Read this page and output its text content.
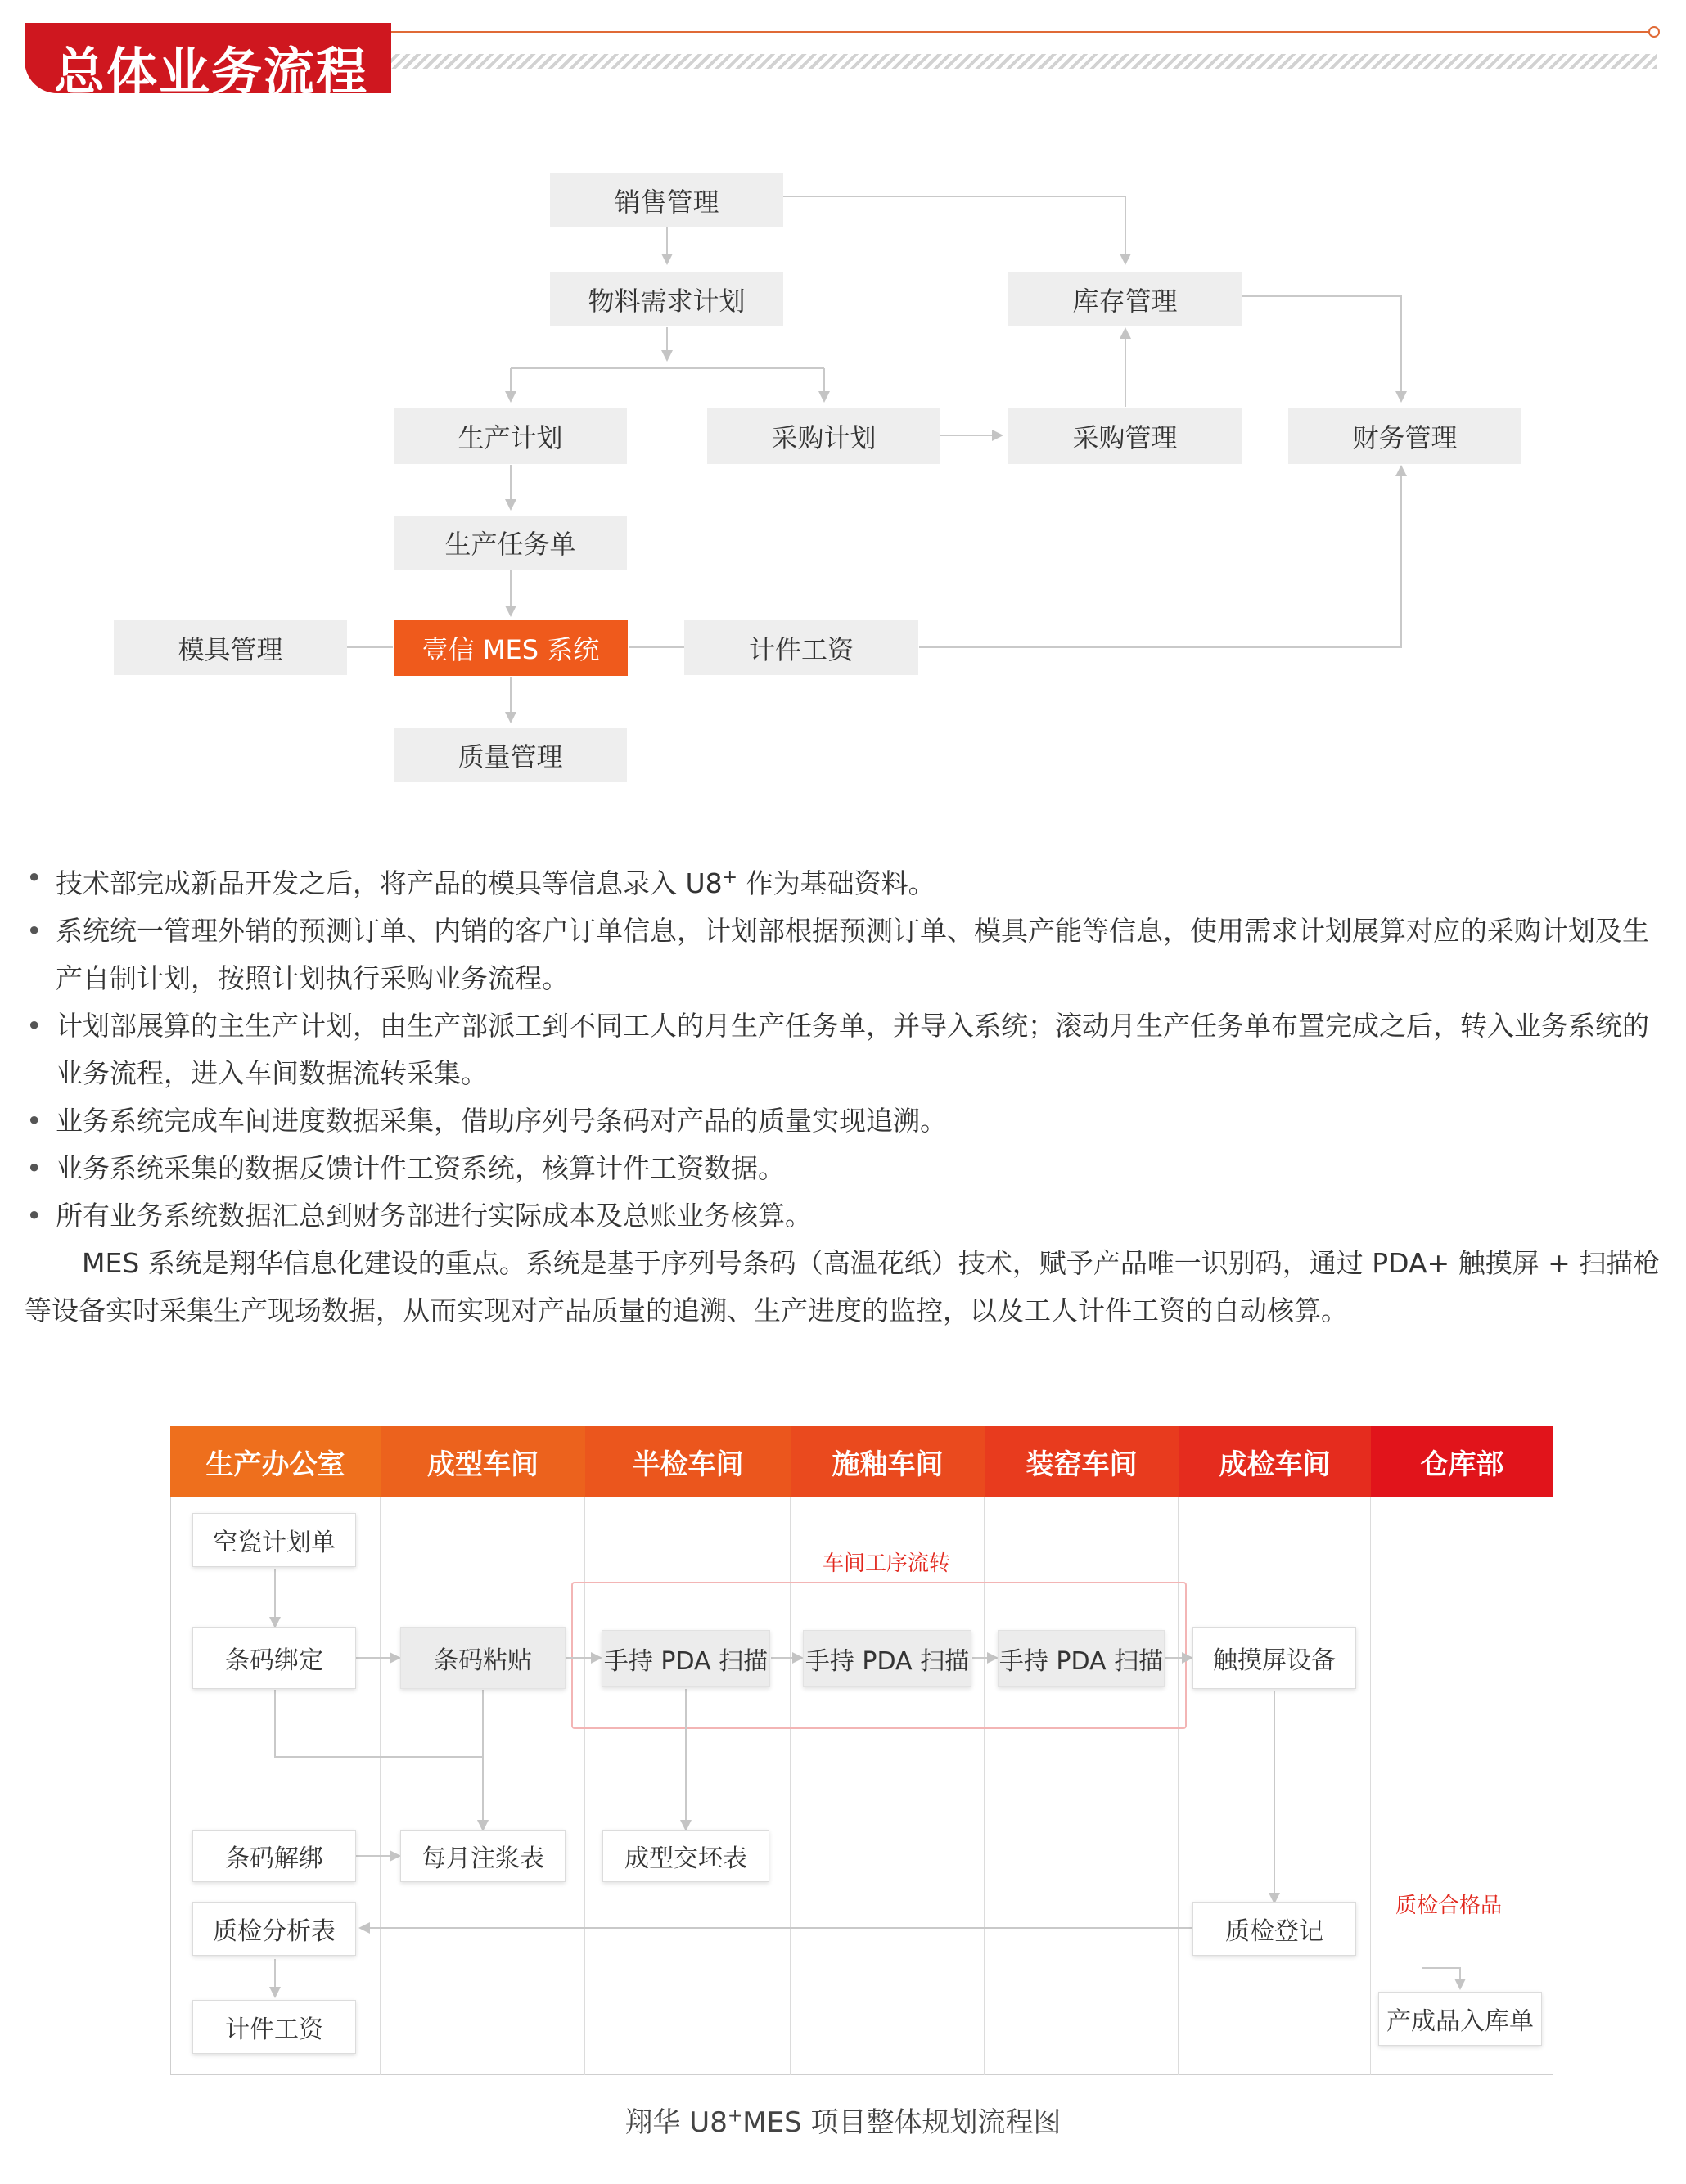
总体业务流程
销售管理
物料需求计划	库存管理
生产计划	采购计划	采购管理	财务管理
生产任务单
模具管理	壹信 MES 系统	计件工资
质量管理
• 技术部完成新品开发之后，将产品的模具等信息录入 U8+ 作为基础资料。
• 系统统一管理外销的预测订单、内销的客户订单信息，计划部根据预测订单、模具产能等信息，使用需求计划展算对应的采购计划及生产自制计划，按照计划执行采购业务流程。
• 计划部展算的主生产计划，由生产部派工到不同工人的月生产任务单，并导入系统；滚动月生产任务单布置完成之后，转入业务系统的业务流程，进入车间数据流转采集。
• 业务系统完成车间进度数据采集，借助序列号条码对产品的质量实现追溯。
• 业务系统采集的数据反馈计件工资系统，核算计件工资数据。
• 所有业务系统数据汇总到财务部进行实际成本及总账业务核算。
MES 系统是翔华信息化建设的重点。系统是基于序列号条码（高温花纸）技术，赋予产品唯一识别码，通过 PDA+ 触摸屏 + 扫描枪等设备实时采集生产现场数据，从而实现对产品质量的追溯、生产进度的监控，以及工人计件工资的自动核算。
生产办公室	成型车间	半检车间	施釉车间	装窑车间	成检车间	仓库部
车间工序流转
质检合格品
空瓷计划单
条码绑定	条码粘贴	手持 PDA 扫描 手持 PDA 扫描 手持 PDA 扫描	触摸屏设备
条码解绑	每月注浆表	成型交坯表
质检分析表	质检登记
计件工资	产成品入库单
翔华 U8+MES 项目整体规划流程图
